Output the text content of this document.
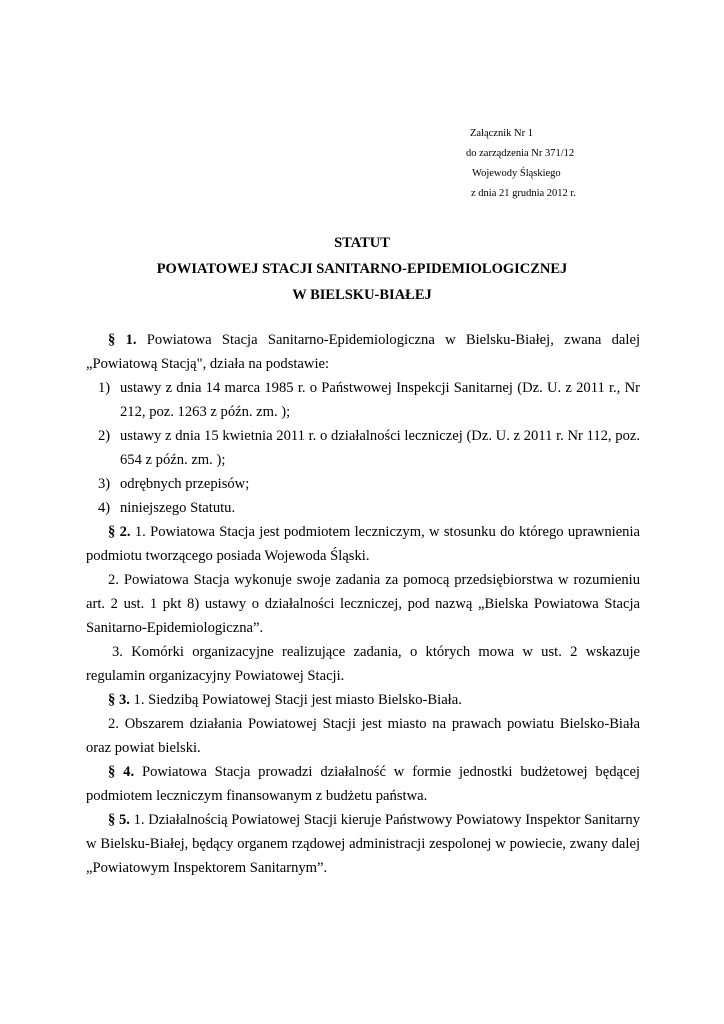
Załącznik Nr 1
do zarządzenia Nr 371/12
Wojewody Śląskiego
z dnia 21 grudnia 2012 r.
STATUT
POWIATOWEJ STACJI SANITARNO-EPIDEMIOLOGICZNEJ
W BIELSKU-BIAŁEJ

§ 1. Powiatowa Stacja Sanitarno-Epidemiologiczna w Bielsku-Białej, zwana dalej „Powiatową Stacją", działa na podstawie:

1) ustawy z dnia 14 marca 1985 r. o Państwowej Inspekcji Sanitarnej (Dz. U. z 2011 r., Nr 212, poz. 1263 z późn. zm. );
2) ustawy z dnia 15 kwietnia 2011 r. o działalności leczniczej (Dz. U. z 2011 r. Nr 112, poz. 654 z późn. zm. );
3) odrębnych przepisów;
4) niniejszego Statutu.

§ 2. 1. Powiatowa Stacja jest podmiotem leczniczym, w stosunku do którego uprawnienia podmiotu tworzącego posiada Wojewoda Śląski.

2. Powiatowa Stacja wykonuje swoje zadania za pomocą przedsiębiorstwa w rozumieniu art. 2 ust. 1 pkt 8) ustawy o działalności leczniczej, pod nazwą „Bielska Powiatowa Stacja Sanitarno-Epidemiologiczna”.

3. Komórki organizacyjne realizujące zadania, o których mowa w ust. 2 wskazuje regulamin organizacyjny Powiatowej Stacji.

§ 3. 1. Siedzibą Powiatowej Stacji jest miasto Bielsko-Biała.

2. Obszarem działania Powiatowej Stacji jest miasto na prawach powiatu Bielsko-Biała oraz powiat bielski.

§ 4. Powiatowa Stacja prowadzi działalność w formie jednostki budżetowej będącej podmiotem leczniczym finansowanym z budżetu państwa.

§ 5. 1. Działalnością Powiatowej Stacji kieruje Państwowy Powiatowy Inspektor Sanitarny w Bielsku-Białej, będący organem rządowej administracji zespolonej w powiecie, zwany dalej „Powiatowym Inspektorem Sanitarnym”.
